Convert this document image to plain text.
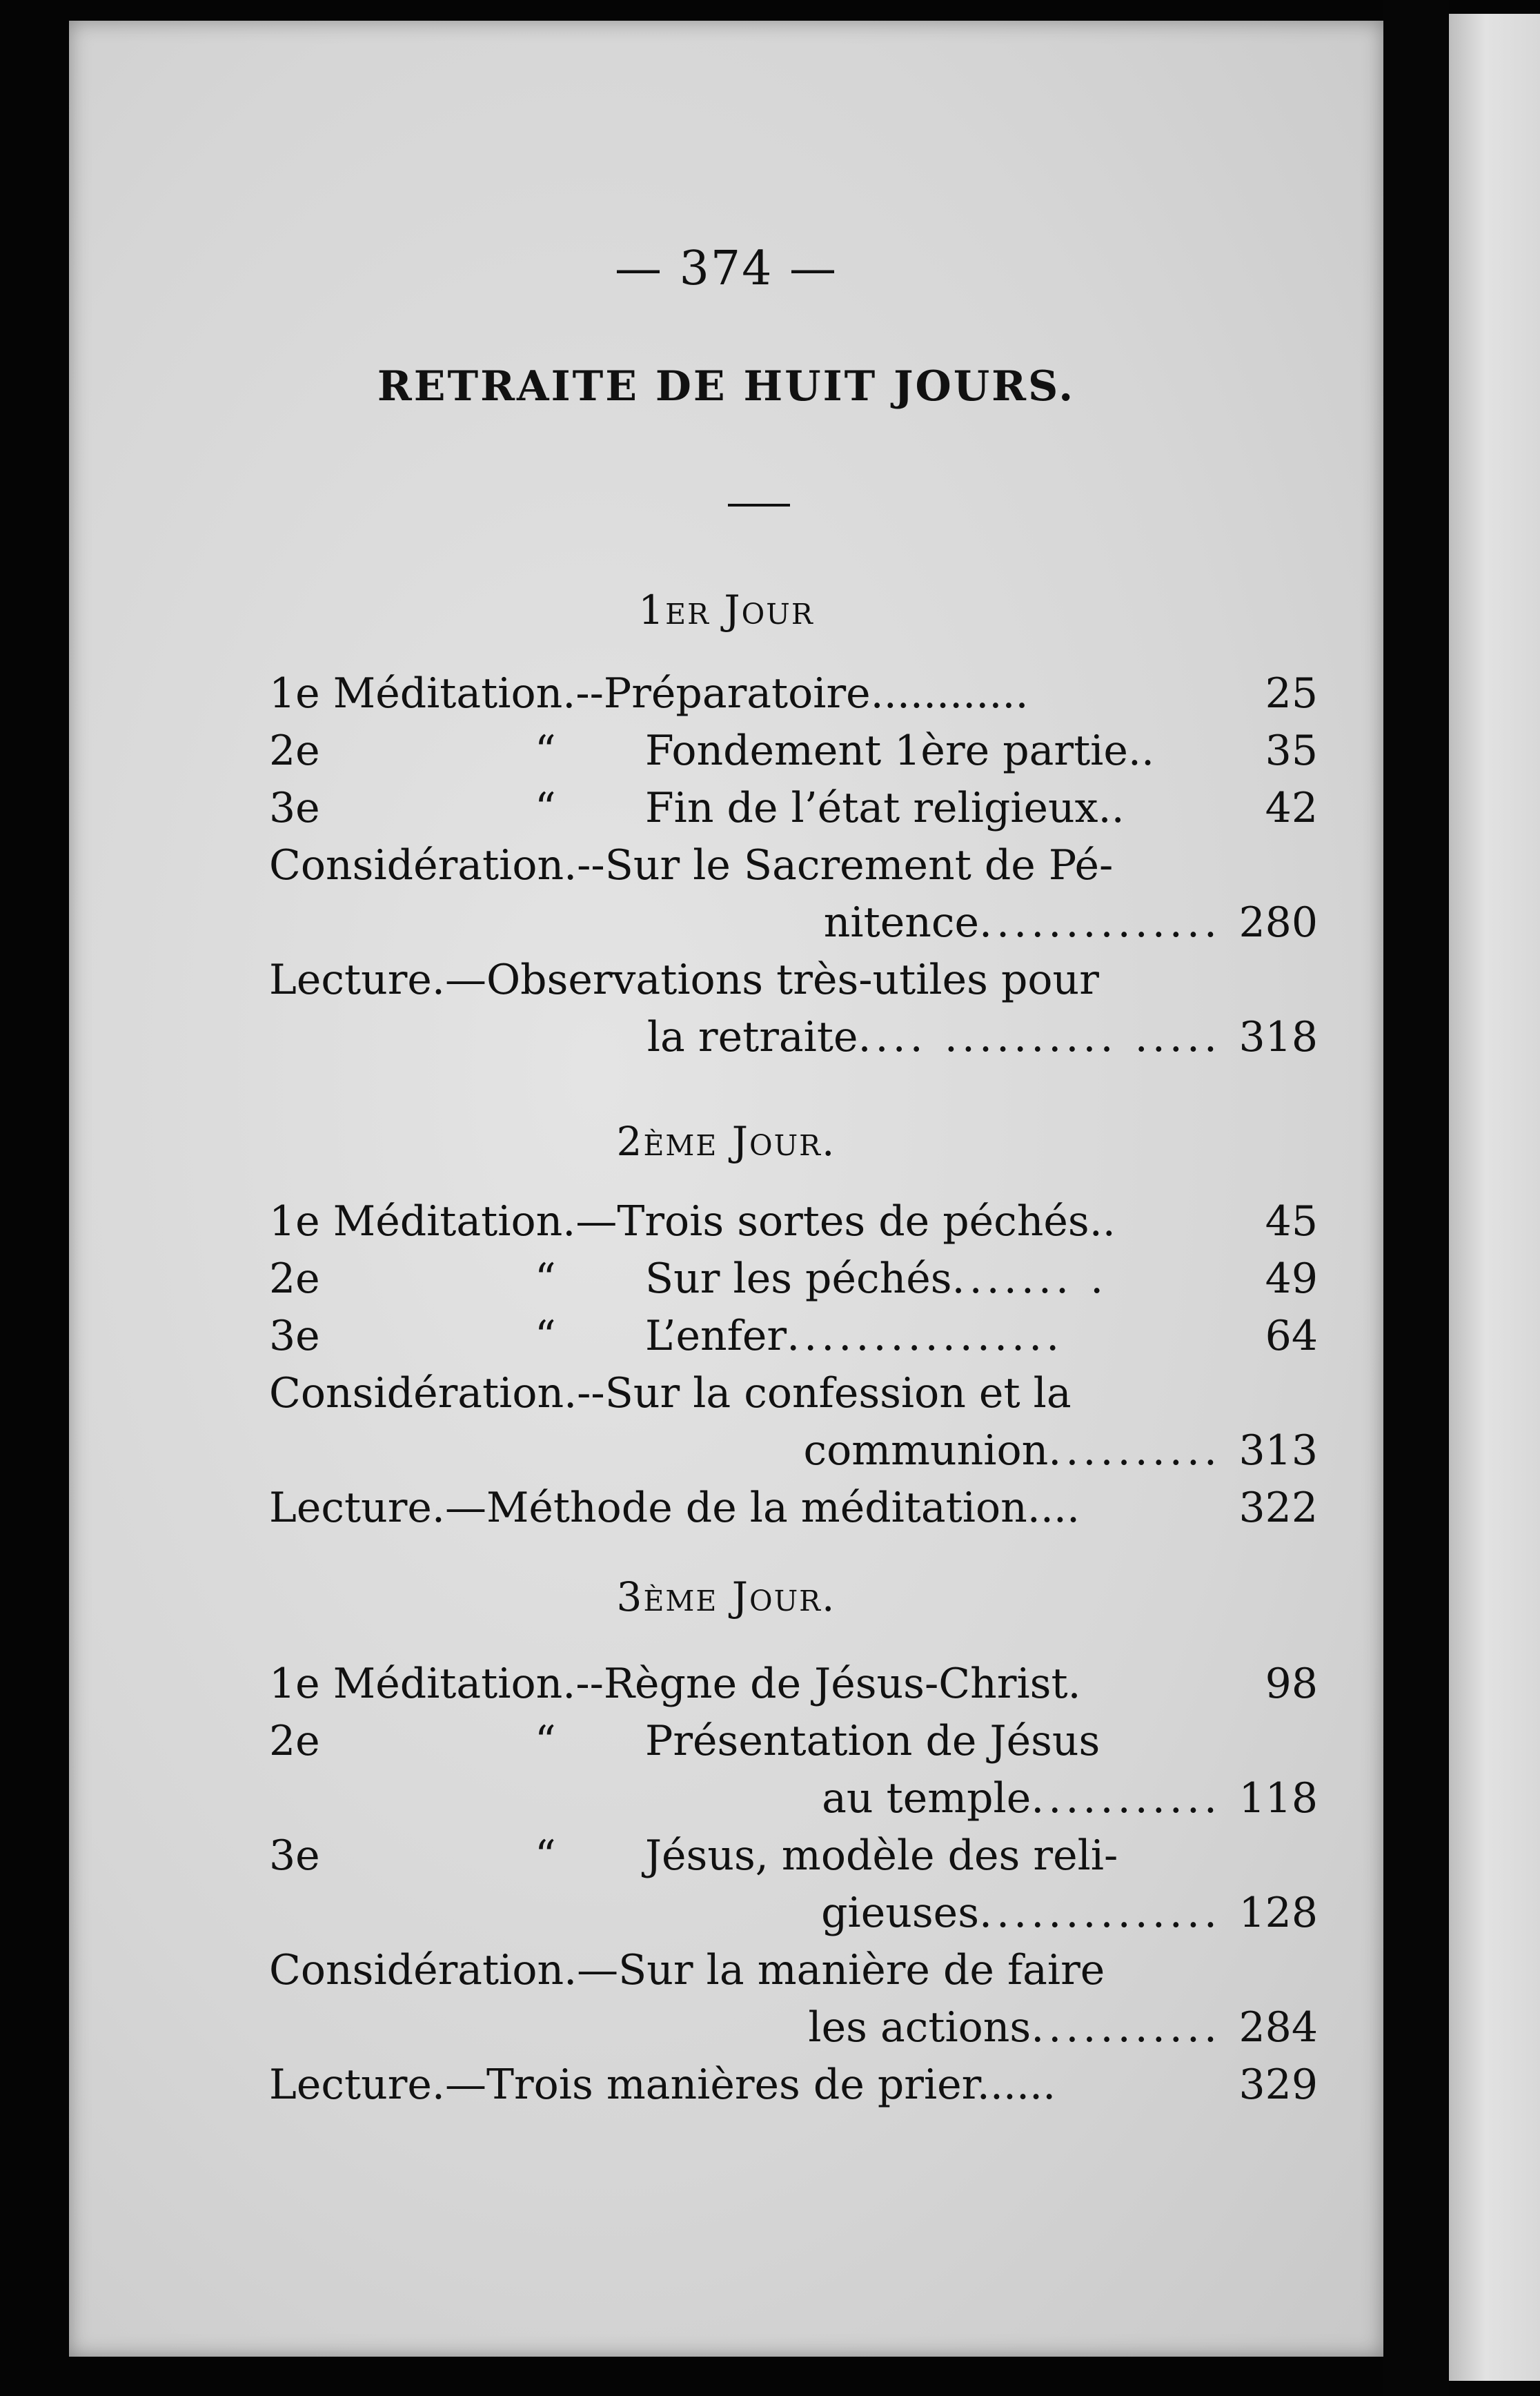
— 374 —
RETRAITE DE HUIT JOURS.
1er Jour
2ème Jour.
3ème Jour.
1e Méditation.--Préparatoire............	25
2e	“ Fondement 1ère partie..	35
3e	“ Fin de l’état religieux..	42
Considération.--Sur le Sacrement de Pé-
nitence.............. 280
Lecture.—Observations très-utiles pour
la retraite.... .......... ..... 318
1e Méditation.—Trois sortes de péchés..	45
2e	“ Sur les péchés....... .	49
3e	“ L’enfer................	64
Considération.--Sur la confession et la
communion.......... 313
Lecture.—Méthode de la méditation....	322
1e Méditation.--Règne de Jésus-Christ.	98
2e	“ Présentation de Jésus
au temple........... 118
3e	“ Jésus, modèle des reli-
gieuses.............. 128
Considération.—Sur la manière de faire
les actions........... 284
Lecture.—Trois manières de prier......	329
